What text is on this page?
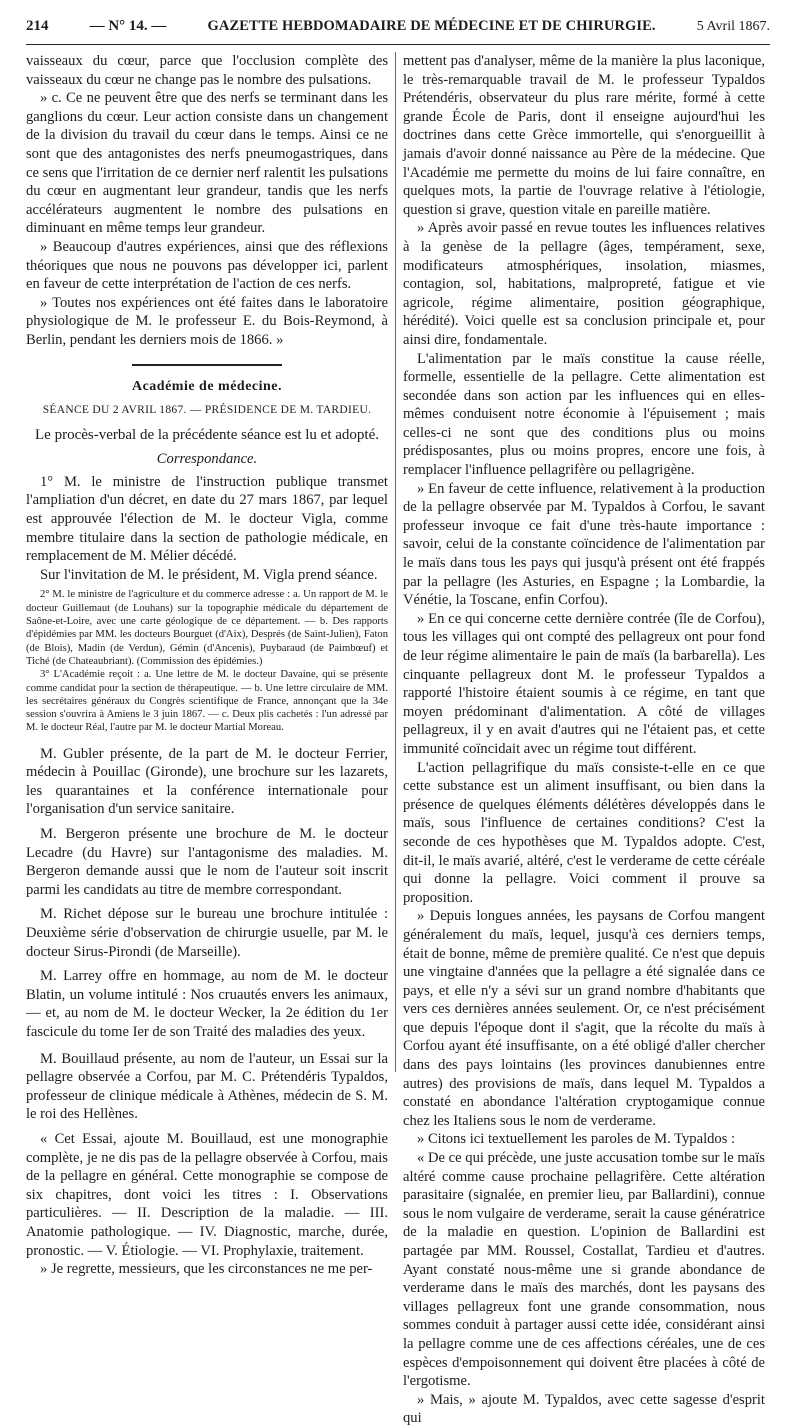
214	— N° 14. —	GAZETTE HEBDOMADAIRE DE MÉDECINE ET DE CHIRURGIE.	5 Avril 1867.

vaisseaux du cœur, parce que l'occlusion complète des vaisseaux du cœur ne change pas le nombre des pulsations.

» c. Ce ne peuvent être que des nerfs se terminant dans les ganglions du cœur. Leur action consiste dans un changement de la division du travail du cœur dans le temps. Ainsi ce ne sont que des antagonistes des nerfs pneumogastriques, dans ce sens que l'irritation de ce dernier nerf ralentit les pulsations du cœur en augmentant leur grandeur, tandis que les nerfs accélérateurs augmentent le nombre des pulsations en diminuant en même temps leur grandeur.

» Beaucoup d'autres expériences, ainsi que des réflexions théoriques que nous ne pouvons pas développer ici, parlent en faveur de cette interprétation de l'action de ces nerfs.

» Toutes nos expériences ont été faites dans le laboratoire physiologique de M. le professeur E. du Bois-Reymond, à Berlin, pendant les derniers mois de 1866. »

Académie de médecine.
SÉANCE DU 2 AVRIL 1867. — PRÉSIDENCE DE M. TARDIEU.
Le procès-verbal de la précédente séance est lu et adopté.
Correspondance.

1° M. le ministre de l'instruction publique transmet l'ampliation d'un décret, en date du 27 mars 1867, par lequel est approuvée l'élection de M. le docteur Vigla, comme membre titulaire dans la section de pathologie médicale, en remplacement de M. Mélier décédé.

Sur l'invitation de M. le président, M. Vigla prend séance.

2° M. le ministre de l'agriculture et du commerce adresse : a. Un rapport de M. le docteur Guillemaut (de Louhans) sur la topographie médicale du département de Saône-et-Loire, avec une carte géologique de ce département. — b. Des rapports d'épidémies par MM. les docteurs Bourguet (d'Aix), Després (de Saint-Julien), Faton (de Blois), Madin (de Verdun), Gémin (d'Ancenis), Puybaraud (de Paimbœuf) et Tiché (de Chateaubriant). (Commission des épidémies.)

3° L'Académie reçoit : a. Une lettre de M. le docteur Davaine, qui se présente comme candidat pour la section de thérapeutique. — b. Une lettre circulaire de MM. les secrétaires généraux du Congrès scientifique de France, annonçant que la 34e session s'ouvrira à Amiens le 3 juin 1867. — c. Deux plis cachetés : l'un adressé par M. le docteur Réal, l'autre par M. le docteur Martial Moreau.

M. Gubler présente, de la part de M. le docteur Ferrier, médecin à Pouillac (Gironde), une brochure sur les lazarets, les quarantaines et la conférence internationale pour l'organisation d'un service sanitaire.

M. Bergeron présente une brochure de M. le docteur Lecadre (du Havre) sur l'antagonisme des maladies. M. Bergeron demande aussi que le nom de l'auteur soit inscrit parmi les candidats au titre de membre correspondant.

M. Richet dépose sur le bureau une brochure intitulée : Deuxième série d'observation de chirurgie usuelle, par M. le docteur Sirus-Pirondi (de Marseille).

M. Larrey offre en hommage, au nom de M. le docteur Blatin, un volume intitulé : Nos cruautés envers les animaux, — et, au nom de M. le docteur Wecker, la 2e édition du 1er fascicule du tome Ier de son Traité des maladies des yeux.

M. Bouillaud présente, au nom de l'auteur, un Essai sur la pellagre observée a Corfou, par M. C. Prétendéris Typaldos, professeur de clinique médicale à Athènes, médecin de S. M. le roi des Hellènes.

« Cet Essai, ajoute M. Bouillaud, est une monographie complète, je ne dis pas de la pellagre observée à Corfou, mais de la pellagre en général. Cette monographie se compose de six chapitres, dont voici les titres : I. Observations particulières. — II. Description de la maladie. — III. Anatomie pathologique. — IV. Diagnostic, marche, durée, pronostic. — V. Étiologie. — VI. Prophylaxie, traitement.

» Je regrette, messieurs, que les circonstances ne me per-

mettent pas d'analyser, même de la manière la plus laconique, le très-remarquable travail de M. le professeur Typaldos Prétendéris, observateur du plus rare mérite, formé à cette grande École de Paris, dont il enseigne aujourd'hui les doctrines dans cette Grèce immortelle, qui s'enorgueillit à jamais d'avoir donné naissance au Père de la médecine. Que l'Académie me permette du moins de lui faire connaître, en quelques mots, la partie de l'ouvrage relative à l'étiologie, question si grave, question vitale en pareille matière.

» Après avoir passé en revue toutes les influences relatives à la genèse de la pellagre (âges, tempérament, sexe, modificateurs atmosphériques, insolation, miasmes, contagion, sol, habitations, malpropreté, fatigue et vie agricole, régime alimentaire, position géographique, hérédité). Voici quelle est sa conclusion principale et, pour ainsi dire, fondamentale.

L'alimentation par le maïs constitue la cause réelle, formelle, essentielle de la pellagre. Cette alimentation est secondée dans son action par les influences qui en elles-mêmes conduisent notre économie à l'épuisement ; mais celles-ci ne sont que des conditions plus ou moins prédisposantes, plus ou moins propres, encore une fois, à remplacer l'influence pellagrifère ou pellagrigène.

» En faveur de cette influence, relativement à la production de la pellagre observée par M. Typaldos à Corfou, le savant professeur invoque ce fait d'une très-haute importance : savoir, celui de la constante coïncidence de l'alimentation par le maïs dans tous les pays qui jusqu'à présent ont été frappés par la pellagre (les Asturies, en Espagne ; la Lombardie, la Vénétie, la Toscane, enfin Corfou).

» En ce qui concerne cette dernière contrée (île de Corfou), tous les villages qui ont compté des pellagreux ont pour fond de leur régime alimentaire le pain de maïs (la barbarella). Les cinquante pellagreux dont M. le professeur Typaldos a rapporté l'histoire étaient soumis à ce régime, en tant que moyen prédominant d'alimentation. A côté de villages pellagreux, il y en avait d'autres qui ne l'étaient pas, et cette immunité coïncidait avec un régime tout différent.

L'action pellagrifique du maïs consiste-t-elle en ce que cette substance est un aliment insuffisant, ou bien dans la présence de quelques éléments délétères développés dans le maïs, sous l'influence de certaines conditions? C'est la seconde de ces hypothèses que M. Typaldos adopte. C'est, dit-il, le maïs avarié, altéré, c'est le verderame de cette céréale qui donne la pellagre. Voici comment il prouve sa proposition.

» Depuis longues années, les paysans de Corfou mangent généralement du maïs, lequel, jusqu'à ces derniers temps, était de bonne, même de première qualité. Ce n'est que depuis une vingtaine d'années que la pellagre a été signalée dans ce pays, et elle n'y a sévi sur un grand nombre d'habitants que vers ces dernières années seulement. Or, ce n'est précisément que depuis l'époque dont il s'agit, que la récolte du maïs à Corfou ayant été insuffisante, on a été obligé d'aller chercher dans des pays lointains (les provinces danubiennes entre autres) des provisions de maïs, dans lequel M. Typaldos a constaté en abondance l'altération cryptogamique connue chez les Italiens sous le nom de verderame.

» Citons ici textuellement les paroles de M. Typaldos :

« De ce qui précède, une juste accusation tombe sur le maïs altéré comme cause prochaine pellagrifère. Cette altération parasitaire (signalée, en premier lieu, par Ballardini), connue sous le nom vulgaire de verderame, serait la cause génératrice de la maladie en question. L'opinion de Ballardini est partagée par MM. Roussel, Costallat, Tardieu et d'autres. Ayant constaté nous-même une si grande abondance de verderame dans le maïs des marchés, dont les paysans des villages pellagreux font une grande consommation, nous sommes conduit à partager aussi cette idée, considérant ainsi la pellagre comme une de ces affections céréales, une de ces espèces d'empoisonnement qui doivent être placées à côté de l'ergotisme.

» Mais, » ajoute M. Typaldos, avec cette sagesse d'esprit qui
